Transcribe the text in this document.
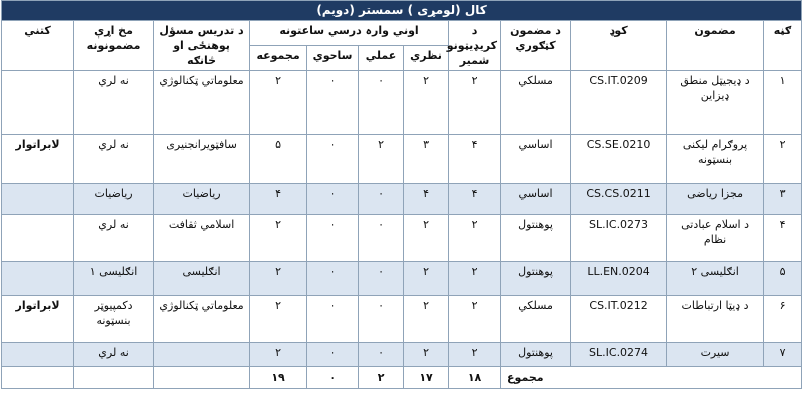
کال (لومړی ) سمستر (دویم)											
ګڼه	مضمون	کوډ	د مضمون کټګوري	د کریډیټونو شمیر	اوني وارہ درسي ساعتونه				د تدریس مسؤل پوهنځی او څانګه	مخ اړې مضمونونه	کتني
					نظري	عملي	ساحوي	مجموعه			
۱	د ډیجیټل منطق ډیزاین	CS.IT.0209	مسلکي	۲	۲	۰	۰	۲	معلوماتي ټکنالوژي	نه لري	
۲	پروګرام لیکنی بنسټونه	CS.SE.0210	اساسي	۴	۳	۲	۰	۵	سافټویرانجنیری	نه لري	لابراتوار
۳	مجزا ریاضی	CS.CS.0211	اساسي	۴	۴	۰	۰	۴	ریاضیات	ریاضیات	
۴	د اسلام عبادتی نظام	SL.IC.0273	پوهنتول	۲	۲	۰	۰	۲	اسلامي ثقافت	نه لري	
۵	انګلیسی ۲	LL.EN.0204	پوهنتول	۲	۲	۰	۰	۲	انګلیسی	انګلیسی ۱	
۶	د ډیټا ارتباطات	CS.IT.0212	مسلکي	۲	۲	۰	۰	۲	معلوماتي ټکنالوژي	دکمپیوټر بنسټونه	لابراتوار
۷	سیرت	SL.IC.0274	پوهنتول	۲	۲	۰	۰	۲		نه لري	
مجموع				۱۸	۱۷	۲	۰	۱۹			
